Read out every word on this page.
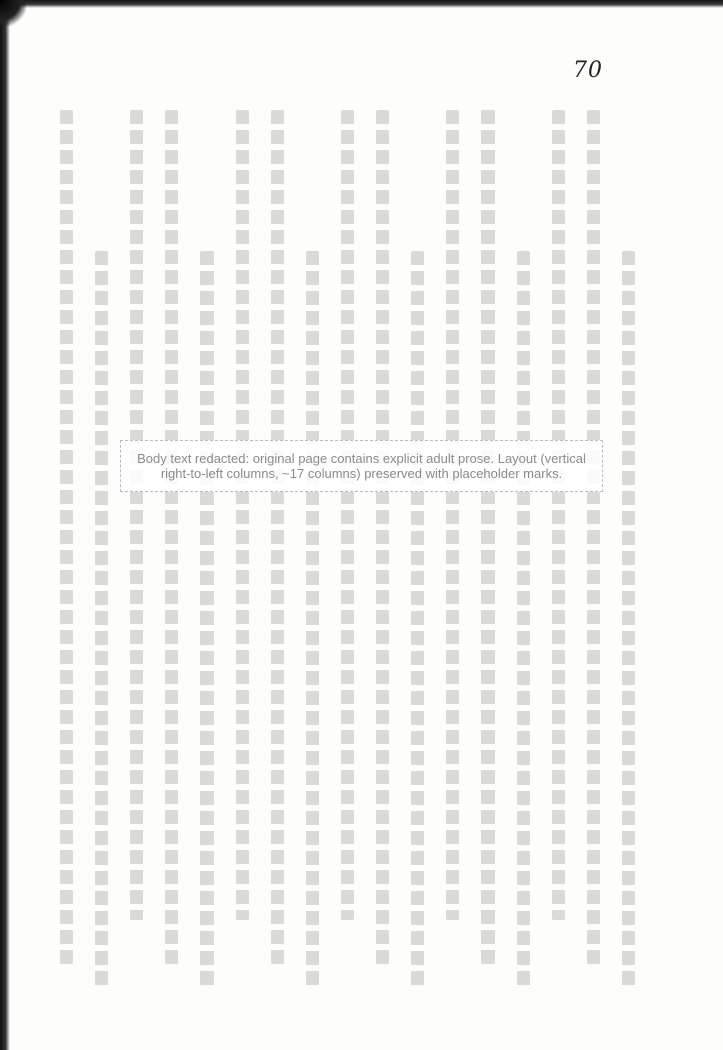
70
Body text redacted: original page contains explicit adult prose. Layout (vertical right-to-left columns, ~17 columns) preserved with placeholder marks.
